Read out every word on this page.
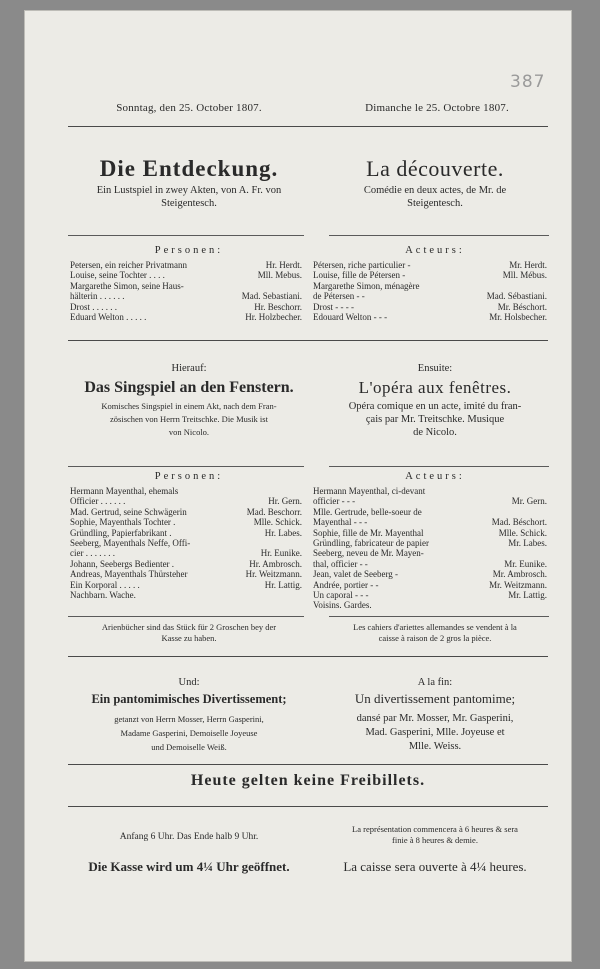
387
Sonntag, den 25. October 1807.	Dimanche le 25. Octobre 1807.
Die Entdeckung.	La découverte.
Ein Lustspiel in zwey Akten, von A. Fr. von
Steigentesch.
Comédie en deux actes, de Mr. de
Steigentesch.
Personen:	Acteurs:
Petersen, ein reicher Privatmann	Hr. Herdt.
Louise, seine Tochter . . . .	Mll. Mebus.
Margarethe Simon, seine Haus-
hälterin . . . . . .	Mad. Sebastiani.
Drost . . . . . .	Hr. Beschorr.
Eduard Welton . . . . .	Hr. Holzbecher.
Pétersen, riche particulier -	Mr. Herdt.
Louise, fille de Pétersen -	Mll. Mébus.
Margarethe Simon, ménagère
de Pétersen - -	Mad. Sébastiani.
Drost - - - -	Mr. Béschort.
Edouard Welton - - -	Mr. Holsbecher.
Hierauf:	Ensuite:
Das Singspiel an den Fenstern.	L'opéra aux fenêtres.
Komisches Singspiel in einem Akt, nach dem Fran-
zösischen von Herrn Treitschke. Die Musik ist
von Nicolo.
Opéra comique en un acte, imité du fran-
çais par Mr. Treitschke. Musique
de Nicolo.
Personen:	Acteurs:
Hermann Mayenthal, ehemals
Officier . . . . . .	Hr. Gern.
Mad. Gertrud, seine Schwägerin	Mad. Beschorr.
Sophie, Mayenthals Tochter .	Mlle. Schick.
Gründling, Papierfabrikant .	Hr. Labes.
Seeberg, Mayenthals Neffe, Offi-
cier . . . . . . .	Hr. Eunike.
Johann, Seebergs Bedienter .	Hr. Ambrosch.
Andreas, Mayenthals Thürsteher	Hr. Weitzmann.
Ein Korporal . . . . .	Hr. Lattig.
Nachbarn. Wache.
Hermann Mayenthal, ci-devant
officier - - -	Mr. Gern.
Mlle. Gertrude, belle-soeur de
Mayenthal - - -	Mad. Béschort.
Sophie, fille de Mr. Mayenthal	Mlle. Schick.
Gründling, fabricateur de papier	Mr. Labes.
Seeberg, neveu de Mr. Mayen-
thal, officier - -	Mr. Eunike.
Jean, valet de Seeberg -	Mr. Ambrosch.
Andrée, portier - -	Mr. Weitzmann.
Un caporal - - -	Mr. Lattig.
Voisins. Gardes.
Arienbücher sind das Stück für 2 Groschen bey der
Kasse zu haben.
Les cahiers d'ariettes allemandes se vendent à la
caisse à raison de 2 gros la pièce.
Und:	A la fin:
Ein pantomimisches Divertissement;	Un divertissement pantomime;
getanzt von Herrn Mosser, Herrn Gasperini,
Madame Gasperini, Demoiselle Joyeuse
und Demoiselle Weiß.
dansé par Mr. Mosser, Mr. Gasperini,
Mad. Gasperini, Mlle. Joyeuse et
Mlle. Weiss.
Heute gelten keine Freibillets.
Anfang 6 Uhr. Das Ende halb 9 Uhr.
La représentation commencera à 6 heures & sera
finie à 8 heures & demie.
Die Kasse wird um 4¼ Uhr geöffnet.	La caisse sera ouverte à 4¼ heures.
